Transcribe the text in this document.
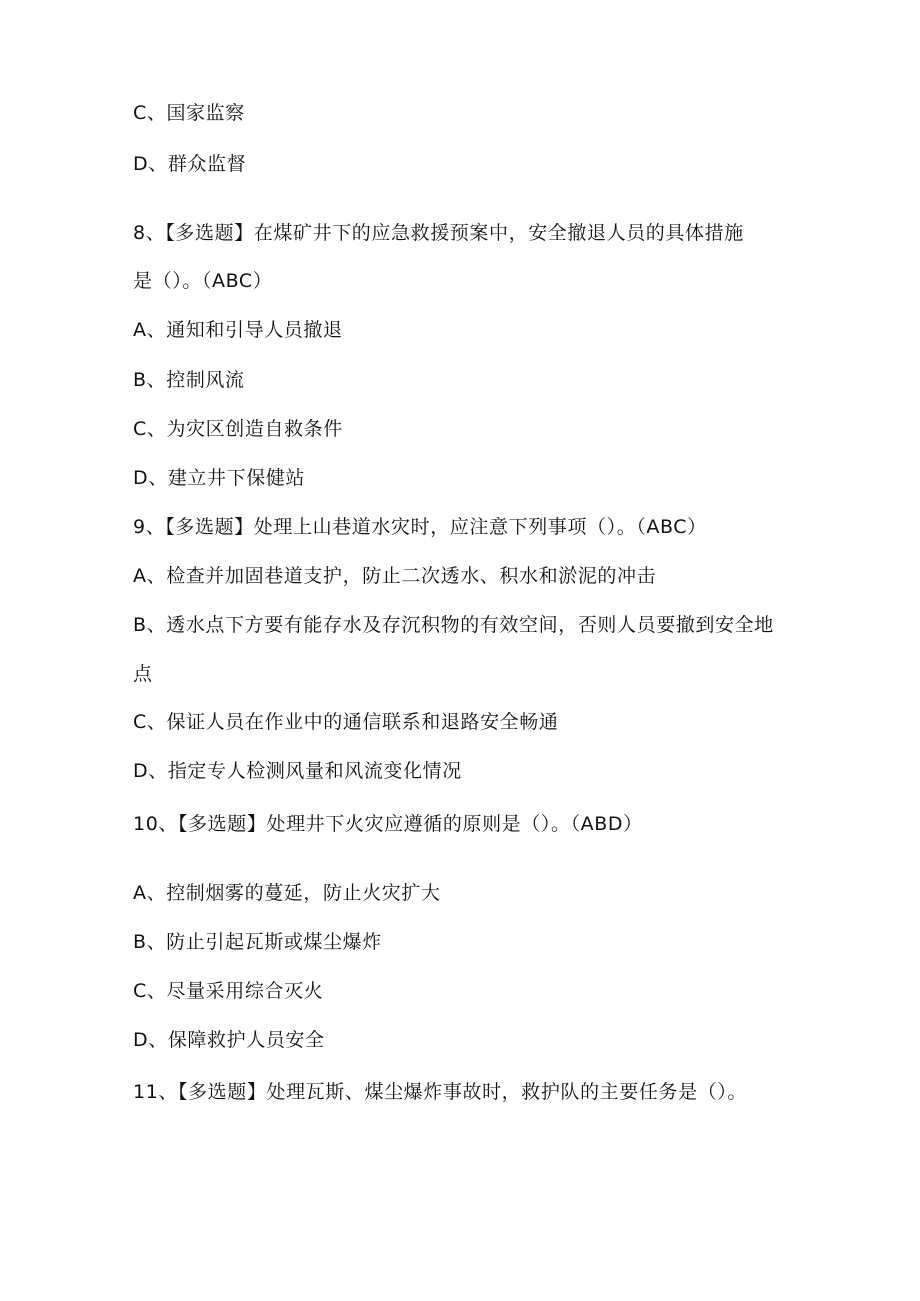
C、国家监察

D、群众监督

8、【多选题】在煤矿井下的应急救援预案中，安全撤退人员的具体措施

是（）。（ABC）

A、通知和引导人员撤退

B、控制风流

C、为灾区创造自救条件

D、建立井下保健站

9、【多选题】处理上山巷道水灾时，应注意下列事项（）。（ABC）

A、检查并加固巷道支护，防止二次透水、积水和淤泥的冲击

B、透水点下方要有能存水及存沉积物的有效空间，否则人员要撤到安全地

点

C、保证人员在作业中的通信联系和退路安全畅通

D、指定专人检测风量和风流变化情况

10、【多选题】处理井下火灾应遵循的原则是（）。（ABD）

A、控制烟雾的蔓延，防止火灾扩大

B、防止引起瓦斯或煤尘爆炸

C、尽量采用综合灭火

D、保障救护人员安全

11、【多选题】处理瓦斯、煤尘爆炸事故时，救护队的主要任务是（）。
